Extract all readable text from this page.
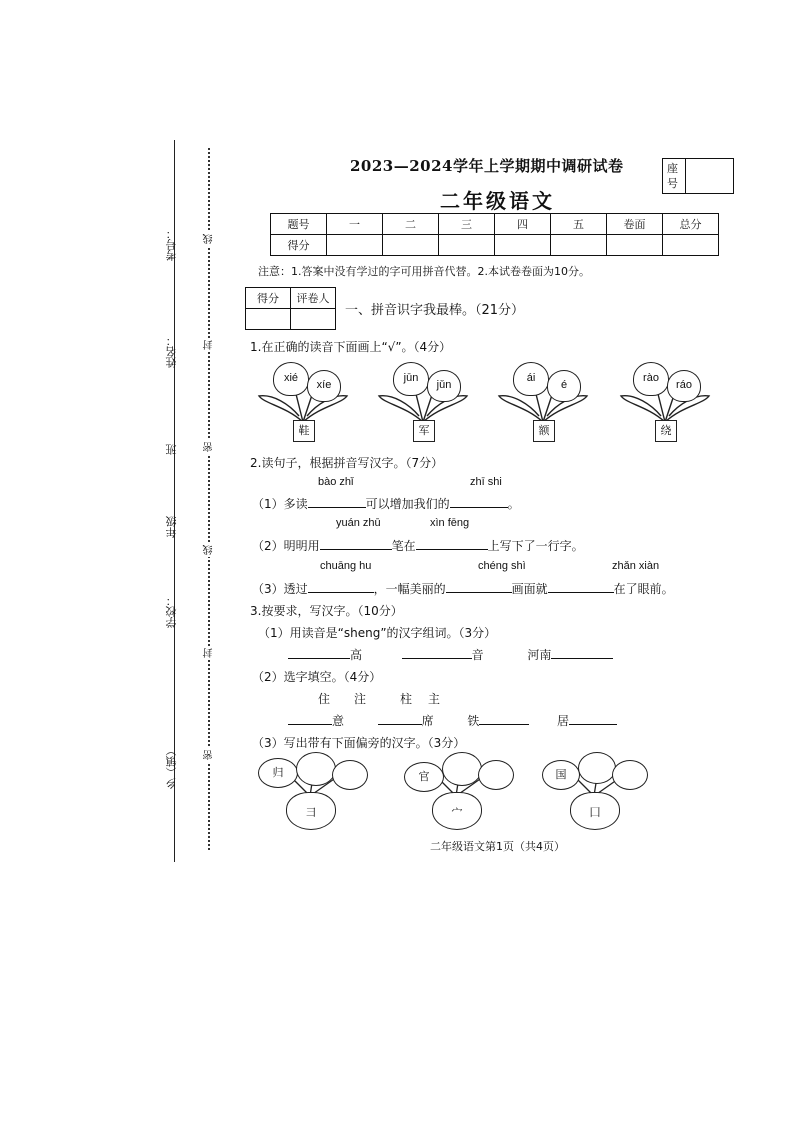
考号：
姓名：
班
年级
学校：
乡（镇）
线
封
密
线
封
密
2023—2024学年上学期期中调研试卷
二年级语文
座号
题号	一	二	三	四	五	卷面	总分
得分							
注意：1.答案中没有学过的字可用拼音代替。2.本试卷卷面为10分。
得分	评卷人

一、拼音识字我最棒。（21分）
1.在正确的读音下面画上“√”。（4分）
xié
xíe
鞋
jūn
jǔn
军
ái
é
额
rào
ráo
绕
2.读句子，根据拼音写汉字。（7分）
bào zhǐ	zhī shi
（1）多读	可以增加我们的	。
yuán zhū	xìn fēng
（2）明明用	笔在	上写下了一行字。
chuāng hu	chéng shì	zhǎn xiàn
（3）透过	，一幅美丽的	画面就	在了眼前。
3.按要求，写汉字。（10分）
（1）用读音是“sheng”的汉字组词。（3分）
高	音	河南
（2）选字填空。（4分）
住 注	柱 主
意	席	铁	居
（3）写出带有下面偏旁的汉字。（3分）
归
彐
官
宀
国
囗
二年级语文第1页（共4页）
